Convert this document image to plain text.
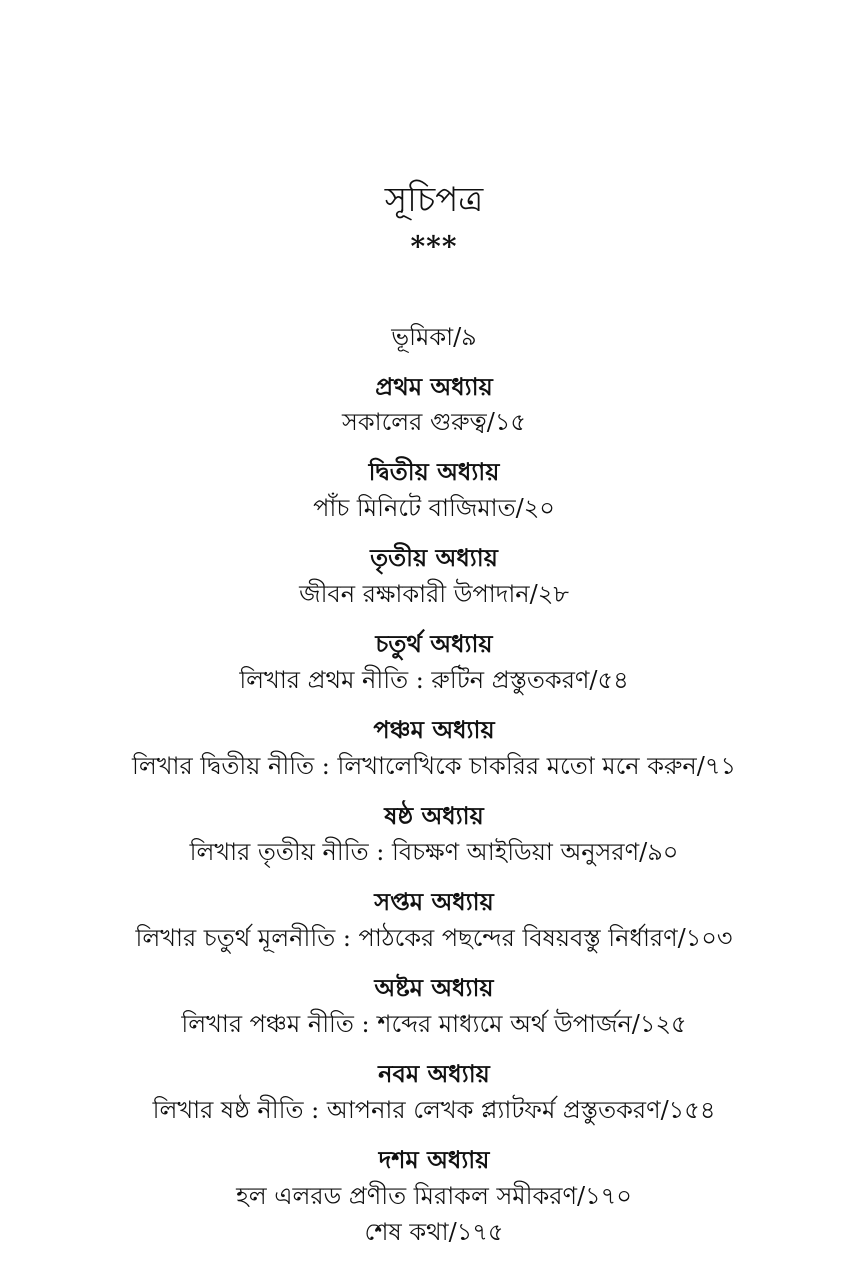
সূচিপত্র
***
ভূমিকা/৯
প্রথম অধ্যায়
সকালের গুরুত্ব/১৫
দ্বিতীয় অধ্যায়
পাঁচ মিনিটে বাজিমাত/২০
তৃতীয় অধ্যায়
জীবন রক্ষাকারী উপাদান/২৮
চতুর্থ অধ্যায়
লিখার প্রথম নীতি : রুটিন প্রস্তুতকরণ/৫৪
পঞ্চম অধ্যায়
লিখার দ্বিতীয় নীতি : লিখালেখিকে চাকরির মতো মনে করুন/৭১
ষষ্ঠ অধ্যায়
লিখার তৃতীয় নীতি : বিচক্ষণ আইডিয়া অনুসরণ/৯০
সপ্তম অধ্যায়
লিখার চতুর্থ মূলনীতি : পাঠকের পছন্দের বিষয়বস্তু নির্ধারণ/১০৩
অষ্টম অধ্যায়
লিখার পঞ্চম নীতি : শব্দের মাধ্যমে অর্থ উপার্জন/১২৫
নবম অধ্যায়
লিখার ষষ্ঠ নীতি : আপনার লেখক প্ল্যাটফর্ম প্রস্তুতকরণ/১৫৪
দশম অধ্যায়
হল এলরড প্রণীত মিরাকল সমীকরণ/১৭০
শেষ কথা/১৭৫
